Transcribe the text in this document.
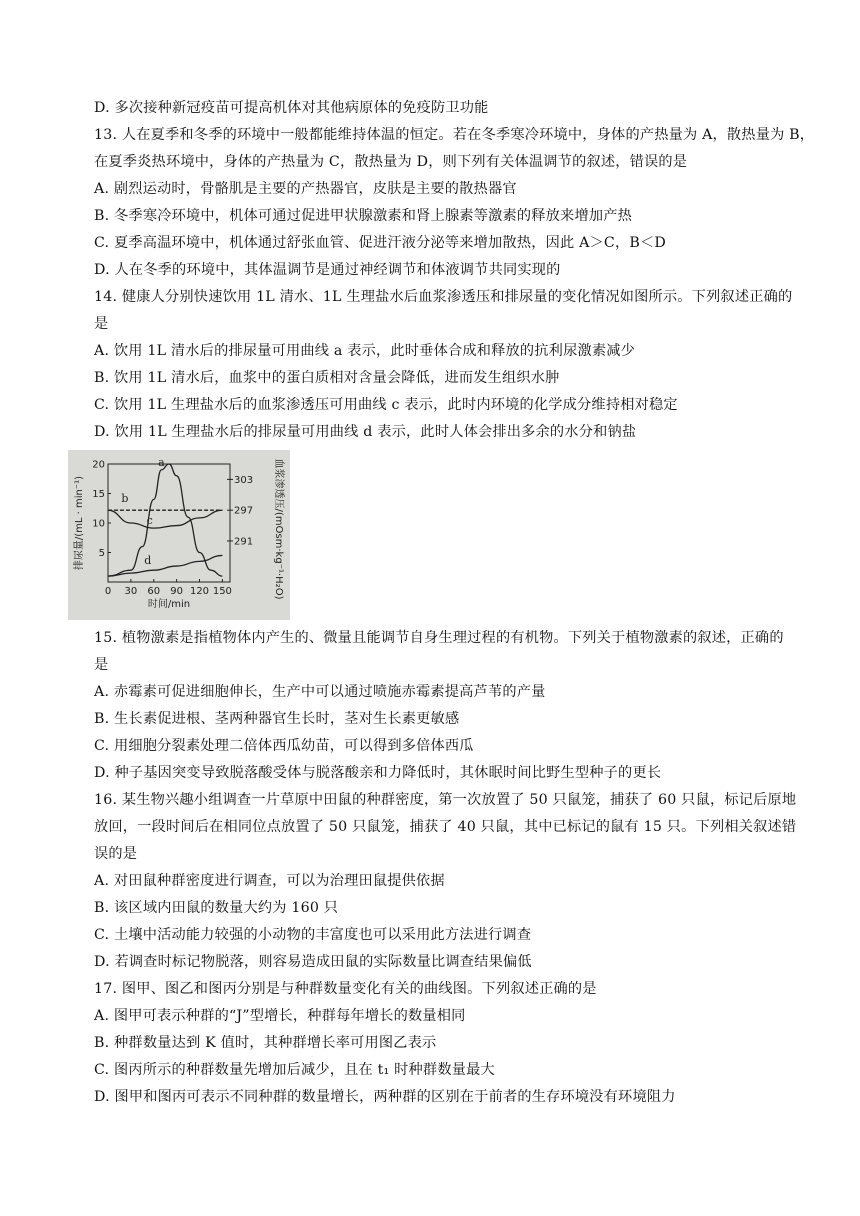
D. 多次接种新冠疫苗可提高机体对其他病原体的免疫防卫功能
13. 人在夏季和冬季的环境中一般都能维持体温的恒定。若在冬季寒冷环境中，身体的产热量为 A，散热量为 B，
在夏季炎热环境中，身体的产热量为 C，散热量为 D，则下列有关体温调节的叙述，错误的是
A. 剧烈运动时，骨骼肌是主要的产热器官，皮肤是主要的散热器官
B. 冬季寒冷环境中，机体可通过促进甲状腺激素和肾上腺素等激素的释放来增加产热
C. 夏季高温环境中，机体通过舒张血管、促进汗液分泌等来增加散热，因此 A＞C，B＜D
D. 人在冬季的环境中，其体温调节是通过神经调节和体液调节共同实现的
14. 健康人分别快速饮用 1L 清水、1L 生理盐水后血浆渗透压和排尿量的变化情况如图所示。下列叙述正确的
是
A. 饮用 1L 清水后的排尿量可用曲线 a 表示，此时垂体合成和释放的抗利尿激素减少
B. 饮用 1L 清水后，血浆中的蛋白质相对含量会降低，进而发生组织水肿
C. 饮用 1L 生理盐水后的血浆渗透压可用曲线 c 表示，此时内环境的化学成分维持相对稳定
D. 饮用 1L 生理盐水后的排尿量可用曲线 d 表示，此时人体会排出多余的水分和钠盐
0 30 60 90 120 150
20
15
10
5
303
297
291
时间/min
排尿量/(mL · min⁻¹)	血浆渗透压/(mOsm·kg⁻¹·H₂O)
a
b
c
d
15. 植物激素是指植物体内产生的、微量且能调节自身生理过程的有机物。下列关于植物激素的叙述，正确的
是
A. 赤霉素可促进细胞伸长，生产中可以通过喷施赤霉素提高芦苇的产量
B. 生长素促进根、茎两种器官生长时，茎对生长素更敏感
C. 用细胞分裂素处理二倍体西瓜幼苗，可以得到多倍体西瓜
D. 种子基因突变导致脱落酸受体与脱落酸亲和力降低时，其休眠时间比野生型种子的更长
16. 某生物兴趣小组调查一片草原中田鼠的种群密度，第一次放置了 50 只鼠笼，捕获了 60 只鼠，标记后原地
放回，一段时间后在相同位点放置了 50 只鼠笼，捕获了 40 只鼠，其中已标记的鼠有 15 只。下列相关叙述错
误的是
A. 对田鼠种群密度进行调查，可以为治理田鼠提供依据
B. 该区域内田鼠的数量大约为 160 只
C. 土壤中活动能力较强的小动物的丰富度也可以采用此方法进行调查
D. 若调查时标记物脱落，则容易造成田鼠的实际数量比调查结果偏低
17. 图甲、图乙和图丙分别是与种群数量变化有关的曲线图。下列叙述正确的是
A. 图甲可表示种群的“J”型增长，种群每年增长的数量相同
B. 种群数量达到 K 值时，其种群增长率可用图乙表示
C. 图丙所示的种群数量先增加后减少，且在 t₁ 时种群数量最大
D. 图甲和图丙可表示不同种群的数量增长，两种群的区别在于前者的生存环境没有环境阻力
